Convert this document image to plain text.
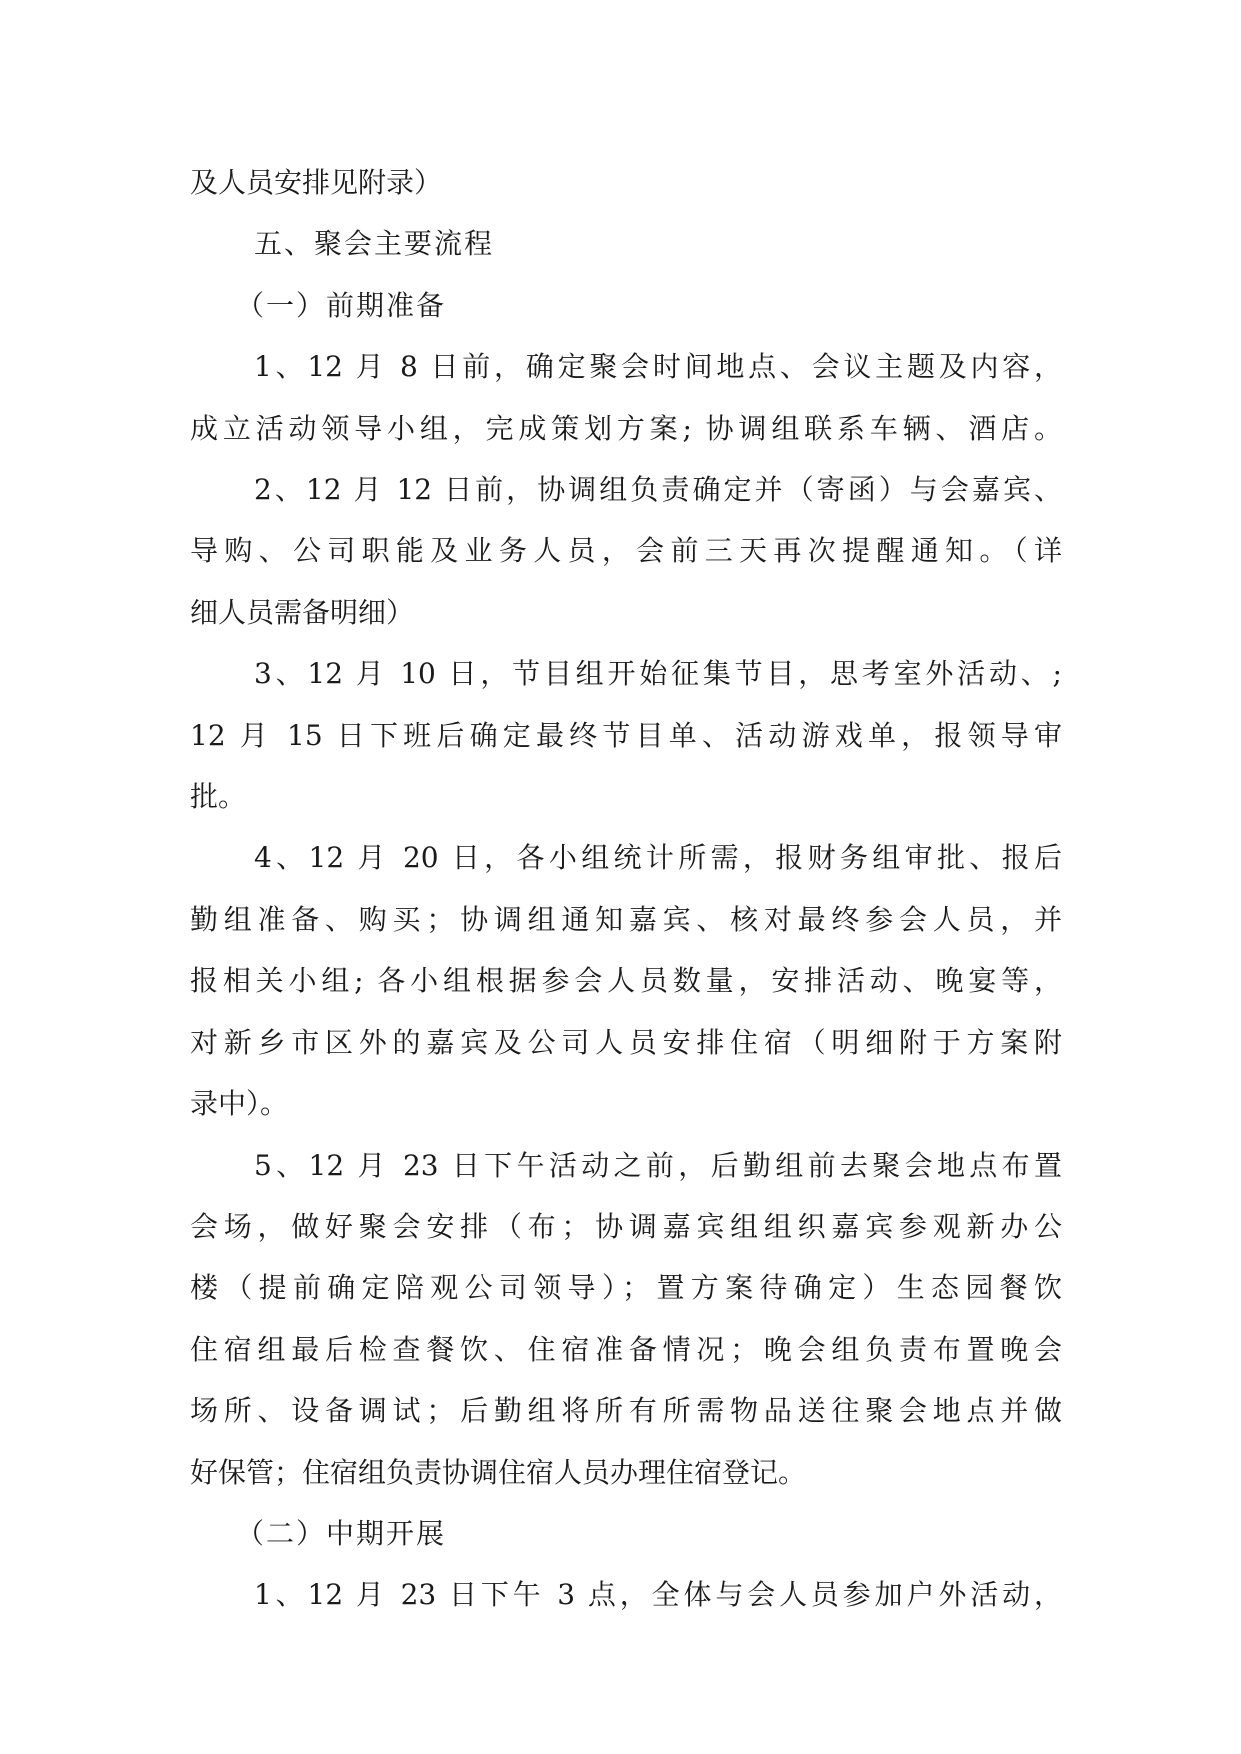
及人员安排见附录）
五、聚会主要流程
（一）前期准备
1、12 月 8 日前，确定聚会时间地点、会议主题及内容，
成立活动领导小组，完成策划方案; 协调组联系车辆、酒店。
2、12 月 12 日前，协调组负责确定并（寄函）与会嘉宾、
导购、公司职能及业务人员，会前三天再次提醒通知。（详
细人员需备明细）
3、12 月 10 日，节目组开始征集节目，思考室外活动、;
12 月 15 日下班后确定最终节目单、活动游戏单，报领导审
批。
4、12 月 20 日，各小组统计所需，报财务组审批、报后
勤组准备、购买；协调组通知嘉宾、核对最终参会人员，并
报相关小组; 各小组根据参会人员数量，安排活动、晚宴等，
对新乡市区外的嘉宾及公司人员安排住宿（明细附于方案附
录中）。
5、12 月 23 日下午活动之前，后勤组前去聚会地点布置
会场，做好聚会安排（布；协调嘉宾组组织嘉宾参观新办公
楼（提前确定陪观公司领导）；置方案待确定）生态园餐饮
住宿组最后检查餐饮、住宿准备情况；晚会组负责布置晚会
场所、设备调试；后勤组将所有所需物品送往聚会地点并做
好保管；住宿组负责协调住宿人员办理住宿登记。
（二）中期开展
1、12 月 23 日下午 3 点，全体与会人员参加户外活动，
